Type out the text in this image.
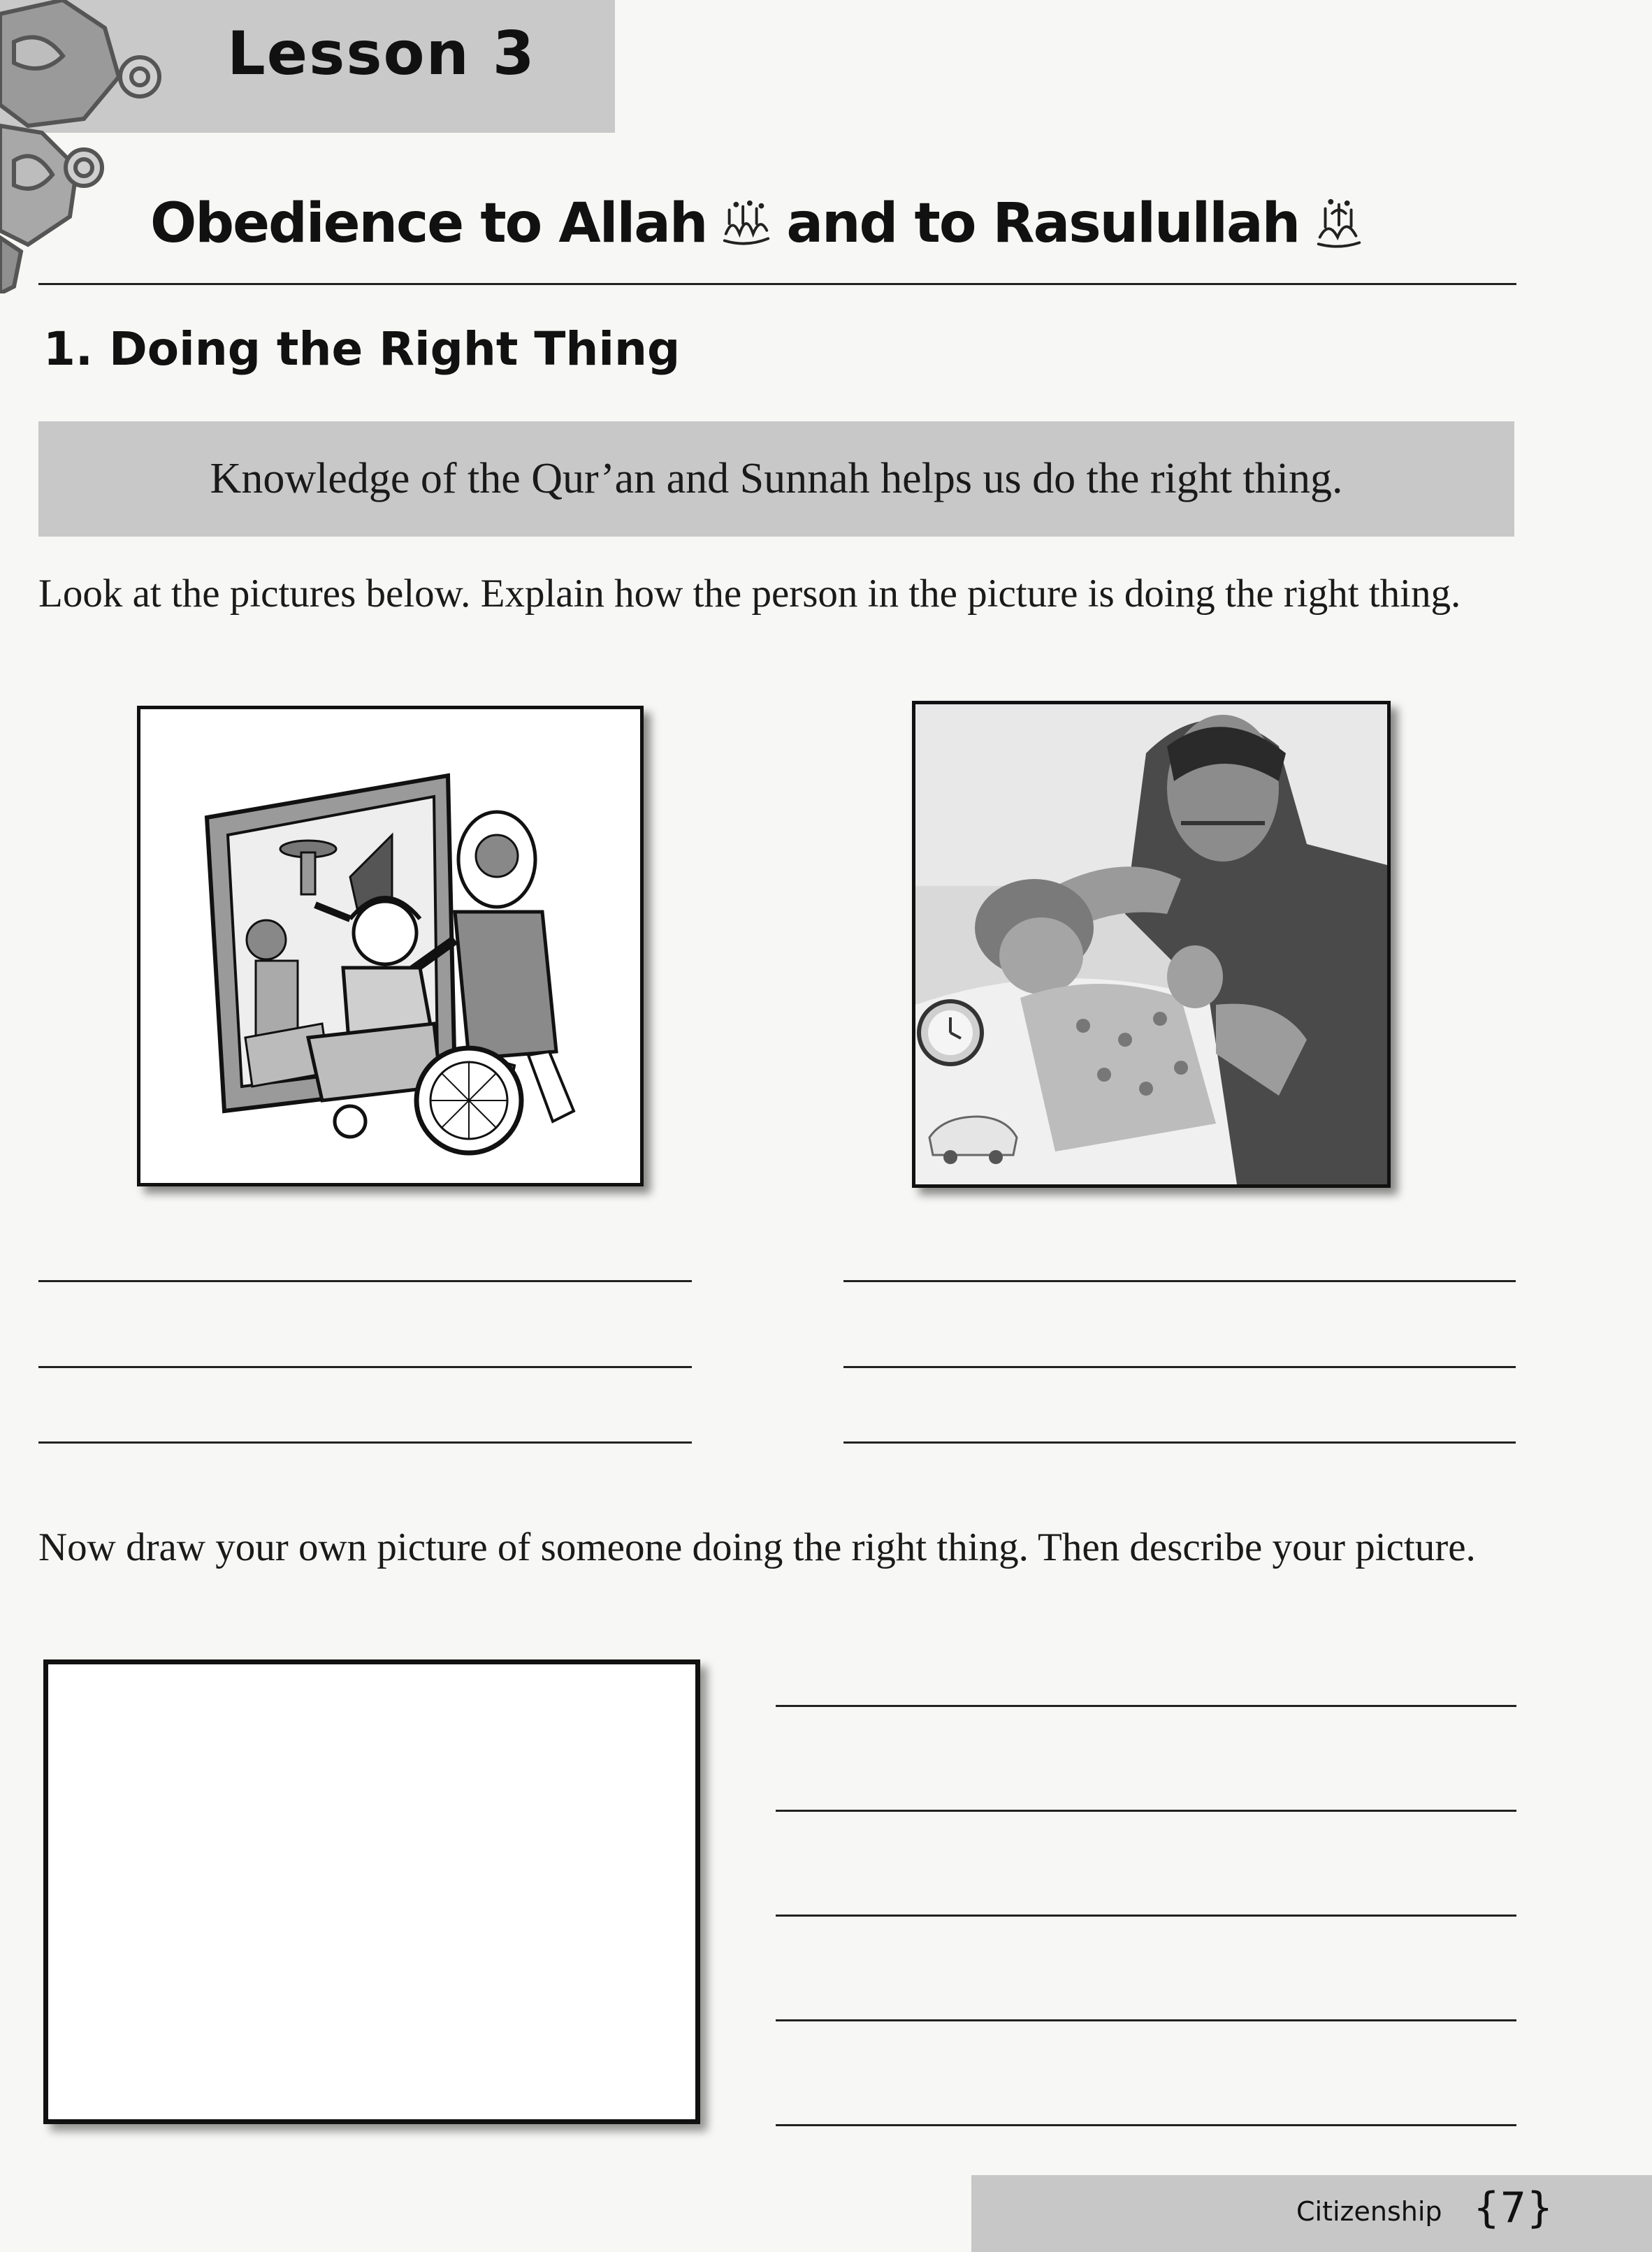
Lesson 3
Obedience to Allah and to Rasulullah
1. Doing the Right Thing
Knowledge of the Qur’an and Sunnah helps us do the right thing.
Look at the pictures below. Explain how the person in the picture is doing the right thing.
Now draw your own picture of someone doing the right thing. Then describe your picture.
Citizenship {7}
